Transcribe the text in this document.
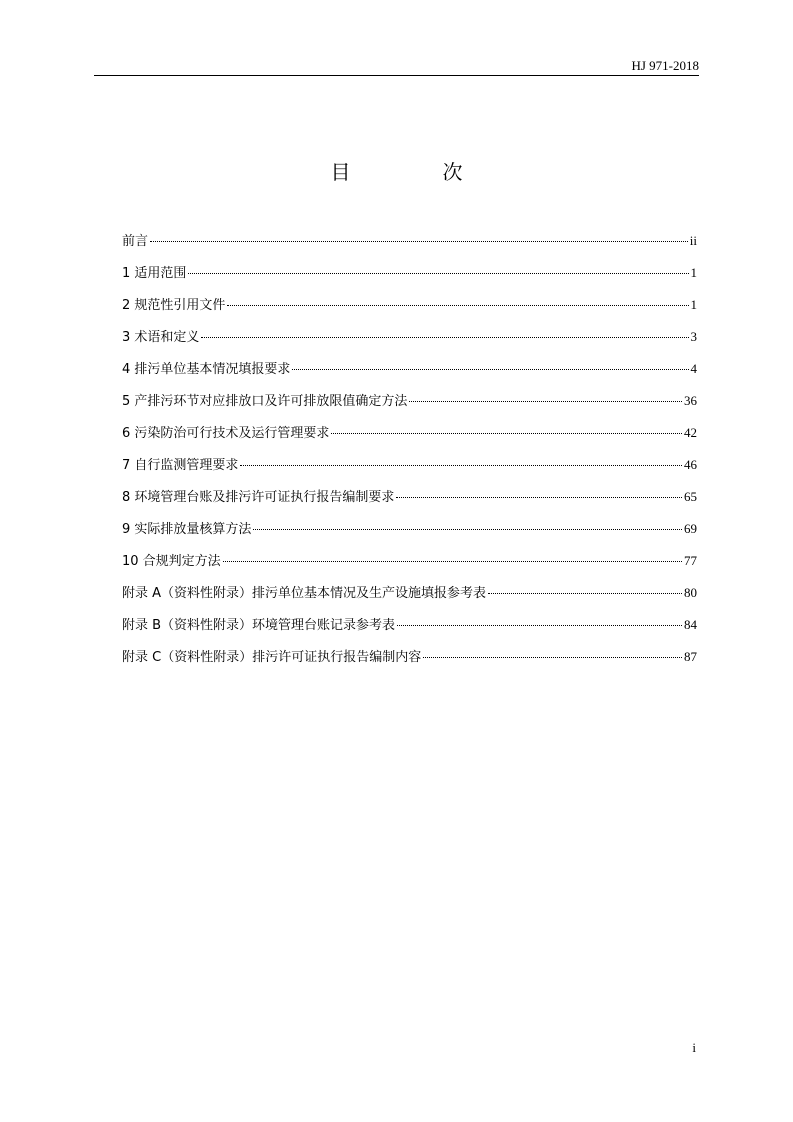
HJ 971-2018
目　次
前言	ii
1 适用范围	1
2 规范性引用文件	1
3 术语和定义	3
4 排污单位基本情况填报要求	4
5 产排污环节对应排放口及许可排放限值确定方法	36
6 污染防治可行技术及运行管理要求	42
7 自行监测管理要求	46
8 环境管理台账及排污许可证执行报告编制要求	65
9 实际排放量核算方法	69
10 合规判定方法	77
附录 A（资料性附录）排污单位基本情况及生产设施填报参考表	80
附录 B（资料性附录）环境管理台账记录参考表	84
附录 C（资料性附录）排污许可证执行报告编制内容	87
i
